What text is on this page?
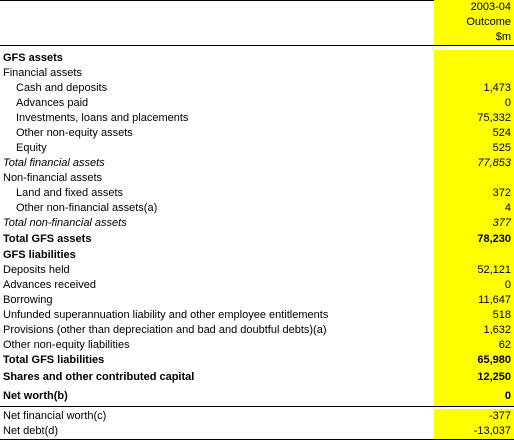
2003-04
Outcome
$m
GFS assets
Financial assets
Cash and deposits	1,473
Advances paid	0
Investments, loans and placements	75,332
Other non-equity assets	524
Equity	525
Total financial assets	77,853
Non-financial assets
Land and fixed assets	372
Other non-financial assets(a)	4
Total non-financial assets	377
Total GFS assets	78,230
GFS liabilities
Deposits held	52,121
Advances received	0
Borrowing	11,647
Unfunded superannuation liability and other employee entitlements	518
Provisions (other than depreciation and bad and doubtful debts)(a)	1,632
Other non-equity liabilities	62
Total GFS liabilities	65,980
Shares and other contributed capital	12,250
Net worth(b)	0
Net financial worth(c)	-377
Net debt(d)	-13,037
